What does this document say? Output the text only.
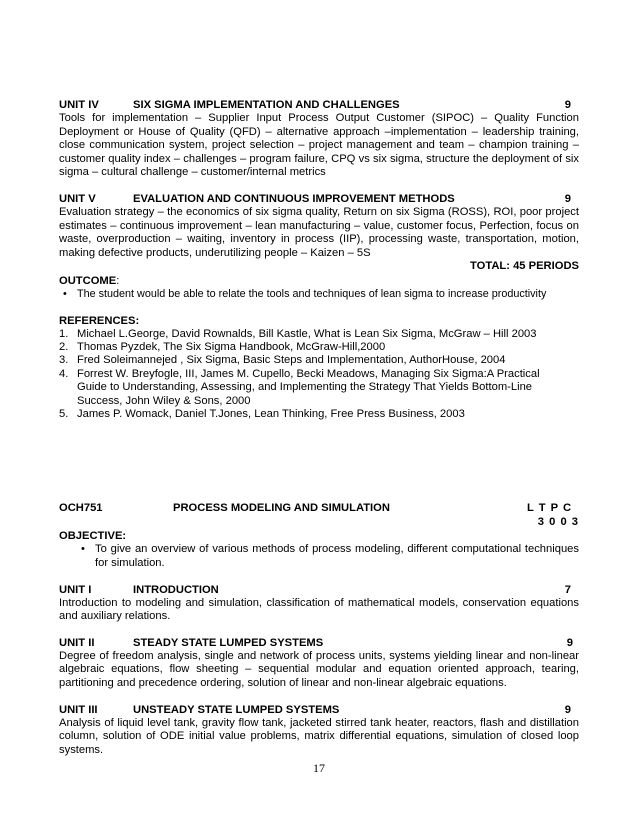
UNIT IV	SIX SIGMA IMPLEMENTATION AND CHALLENGES	9
Tools for implementation – Supplier Input Process Output Customer (SIPOC) – Quality Function Deployment or House of Quality (QFD) – alternative approach –implementation – leadership training, close communication system, project selection – project management and team – champion training – customer quality index – challenges – program failure, CPQ vs six sigma, structure the deployment of six sigma – cultural challenge – customer/internal metrics
UNIT V	EVALUATION AND CONTINUOUS IMPROVEMENT METHODS	9
Evaluation strategy – the economics of six sigma quality, Return on six Sigma (ROSS), ROI, poor project estimates – continuous improvement – lean manufacturing – value, customer focus, Perfection, focus on waste, overproduction – waiting, inventory in process (IIP), processing waste, transportation, motion, making defective products, underutilizing people – Kaizen – 5S
TOTAL: 45 PERIODS
OUTCOME:
• The student would be able to relate the tools and techniques of lean sigma to increase productivity
REFERENCES:
1. Michael L.George, David Rownalds, Bill Kastle, What is Lean Six Sigma, McGraw – Hill 2003
2. Thomas Pyzdek, The Six Sigma Handbook, McGraw-Hill,2000
3. Fred Soleimannejed , Six Sigma, Basic Steps and Implementation, AuthorHouse, 2004
4. Forrest W. Breyfogle, III, James M. Cupello, Becki Meadows, Managing Six Sigma:A Practical Guide to Understanding, Assessing, and Implementing the Strategy That Yields Bottom-Line Success, John Wiley & Sons, 2000
5. James P. Womack, Daniel T.Jones, Lean Thinking, Free Press Business, 2003
OCH751	PROCESS MODELING AND SIMULATION	L T P C
3 0 0 3
OBJECTIVE:
• To give an overview of various methods of process modeling, different computational techniques for simulation.
UNIT I	INTRODUCTION	7
Introduction to modeling and simulation, classification of mathematical models, conservation equations and auxiliary relations.
UNIT II	STEADY STATE LUMPED SYSTEMS	9
Degree of freedom analysis, single and network of process units, systems yielding linear and non-linear algebraic equations, flow sheeting – sequential modular and equation oriented approach, tearing, partitioning and precedence ordering, solution of linear and non-linear algebraic equations.
UNIT III	UNSTEADY STATE LUMPED SYSTEMS	9
Analysis of liquid level tank, gravity flow tank, jacketed stirred tank heater, reactors, flash and distillation column, solution of ODE initial value problems, matrix differential equations, simulation of closed loop systems.
17
